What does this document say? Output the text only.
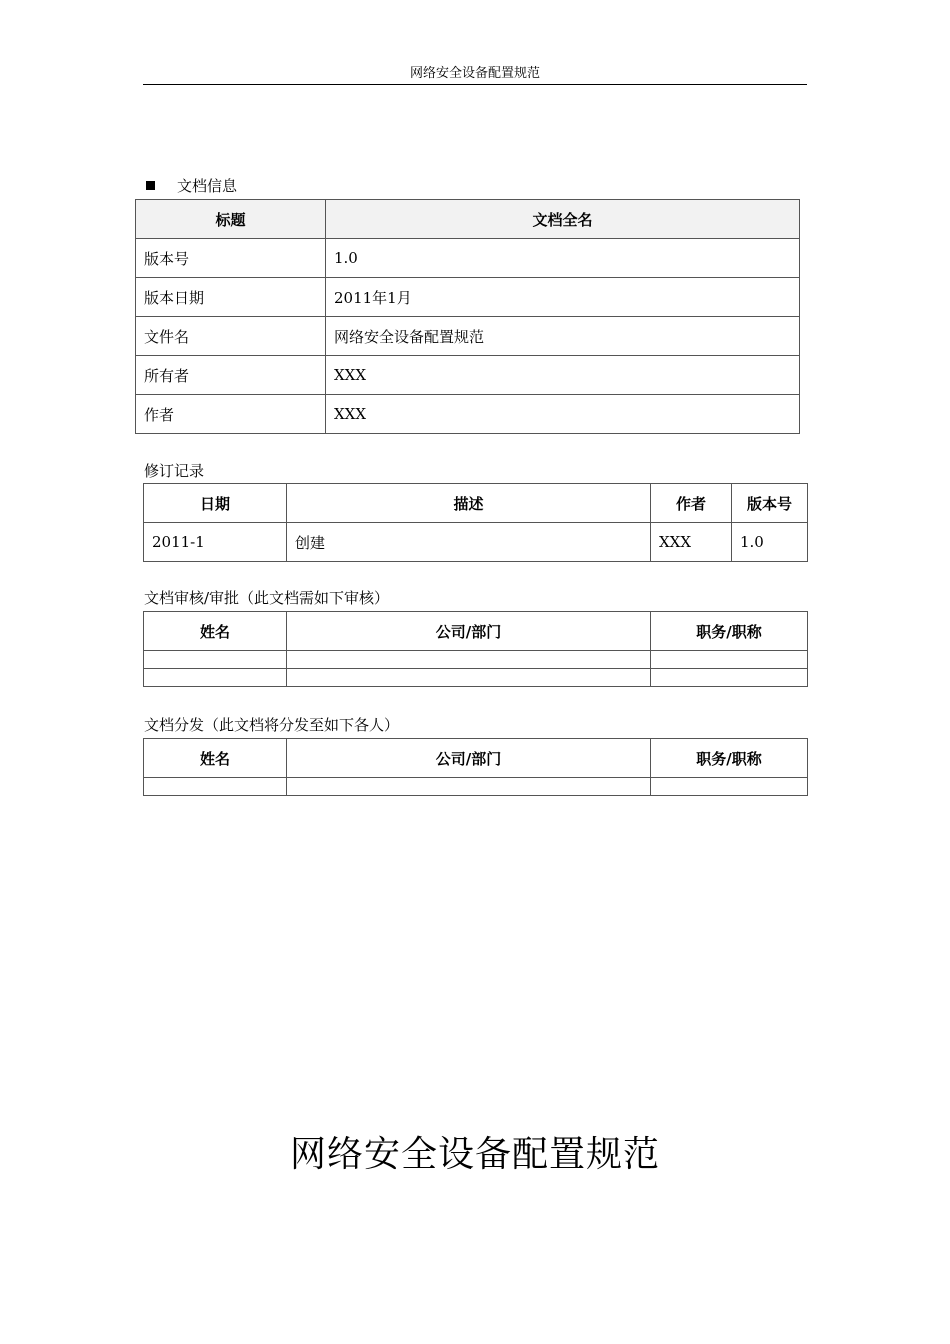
网络安全设备配置规范
文档信息
标题	文档全名
版本号	1.0
版本日期	2011年1月
文件名	网络安全设备配置规范
所有者	XXX
作者	XXX
修订记录
日期	描述	作者	版本号
2011-1	创建	XXX	1.0
文档审核/审批（此文档需如下审核）
姓名	公司/部门	职务/职称

文档分发（此文档将分发至如下各人）
姓名	公司/部门	职务/职称

网络安全设备配置规范
